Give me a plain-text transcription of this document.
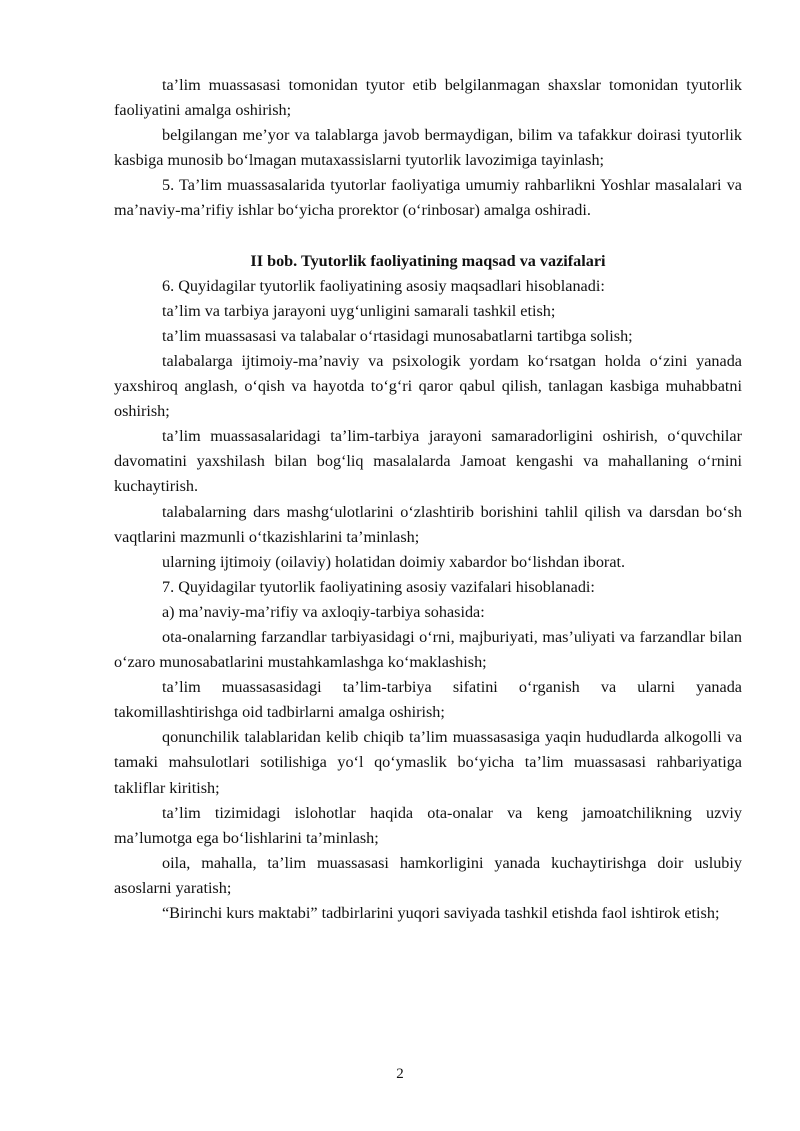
ta’lim muassasasi tomonidan tyutor etib belgilanmagan shaxslar tomonidan tyutorlik faoliyatini amalga oshirish;

belgilangan me’yor va talablarga javob bermaydigan, bilim va tafakkur doirasi tyutorlik kasbiga munosib bo‘lmagan mutaxassislarni tyutorlik lavozimiga tayinlash;

5. Ta’lim muassasalarida tyutorlar faoliyatiga umumiy rahbarlikni Yoshlar masalalari va ma’naviy-ma’rifiy ishlar bo‘yicha prorektor (o‘rinbosar) amalga oshiradi.

II bob. Tyutorlik faoliyatining maqsad va vazifalari

6. Quyidagilar tyutorlik faoliyatining asosiy maqsadlari hisoblanadi:

ta’lim va tarbiya jarayoni uyg‘unligini samarali tashkil etish;

ta’lim muassasasi va talabalar o‘rtasidagi munosabatlarni tartibga solish;

talabalarga ijtimoiy-ma’naviy va psixologik yordam ko‘rsatgan holda o‘zini yanada yaxshiroq anglash, o‘qish va hayotda to‘g‘ri qaror qabul qilish, tanlagan kasbiga muhabbatni oshirish;

ta’lim muassasalaridagi ta’lim-tarbiya jarayoni samaradorligini oshirish, o‘quvchilar davomatini yaxshilash bilan bog‘liq masalalarda Jamoat kengashi va mahallaning o‘rnini kuchaytirish.

talabalarning dars mashg‘ulotlarini o‘zlashtirib borishini tahlil qilish va darsdan bo‘sh vaqtlarini mazmunli o‘tkazishlarini ta’minlash;

ularning ijtimoiy (oilaviy) holatidan doimiy xabardor bo‘lishdan iborat.

7. Quyidagilar tyutorlik faoliyatining asosiy vazifalari hisoblanadi:

a) ma’naviy-ma’rifiy va axloqiy-tarbiya sohasida:

ota-onalarning farzandlar tarbiyasidagi o‘rni, majburiyati, mas’uliyati va farzandlar bilan o‘zaro munosabatlarini mustahkamlashga ko‘maklashish;

ta’lim muassasasidagi ta’lim-tarbiya sifatini o‘rganish va ularni yanada takomillashtirishga oid tadbirlarni amalga oshirish;

qonunchilik talablaridan kelib chiqib ta’lim muassasasiga yaqin hududlarda alkogolli va tamaki mahsulotlari sotilishiga yo‘l qo‘ymaslik bo‘yicha ta’lim muassasasi rahbariyatiga takliflar kiritish;

ta’lim tizimidagi islohotlar haqida ota-onalar va keng jamoatchilikning uzviy ma’lumotga ega bo‘lishlarini ta’minlash;

oila, mahalla, ta’lim muassasasi hamkorligini yanada kuchaytirishga doir uslubiy asoslarni yaratish;

“Birinchi kurs maktabi” tadbirlarini yuqori saviyada tashkil etishda faol ishtirok etish;

2
